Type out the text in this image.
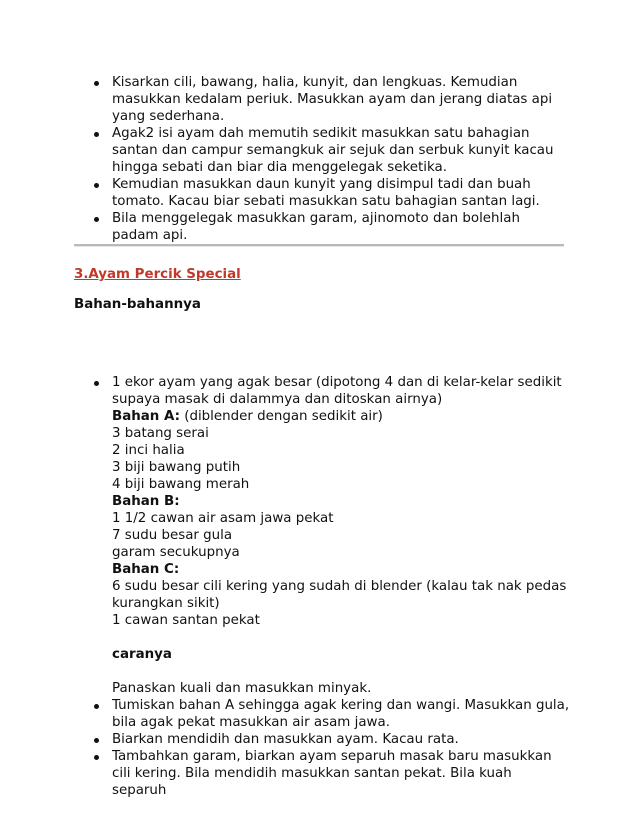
Kisarkan cili, bawang, halia, kunyit, dan lengkuas. Kemudian masukkan kedalam periuk. Masukkan ayam dan jerang diatas api yang sederhana.
Agak2 isi ayam dah memutih sedikit masukkan satu bahagian santan dan campur semangkuk air sejuk dan serbuk kunyit kacau hingga sebati dan biar dia menggelegak seketika.
Kemudian masukkan daun kunyit yang disimpul tadi dan buah tomato. Kacau biar sebati masukkan satu bahagian santan lagi.
Bila menggelegak masukkan garam, ajinomoto dan bolehlah padam api.
3.Ayam Percik Special
Bahan-bahannya
1 ekor ayam yang agak besar (dipotong 4 dan di kelar-kelar sedikit supaya masak di dalammya dan ditoskan airnya)
Bahan A: (diblender dengan sedikit air)
3 batang serai
2 inci halia
3 biji bawang putih
4 biji bawang merah
Bahan B:
1 1/2 cawan air asam jawa pekat
7 sudu besar gula
garam secukupnya
Bahan C:
6 sudu besar cili kering yang sudah di blender (kalau tak nak pedas kurangkan sikit)
1 cawan santan pekat
caranya
Panaskan kuali dan masukkan minyak.
Tumiskan bahan A sehingga agak kering dan wangi. Masukkan gula, bila agak pekat masukkan air asam jawa.
Biarkan mendidih dan masukkan ayam. Kacau rata.
Tambahkan garam, biarkan ayam separuh masak baru masukkan cili kering. Bila mendidih masukkan santan pekat. Bila kuah separuh
